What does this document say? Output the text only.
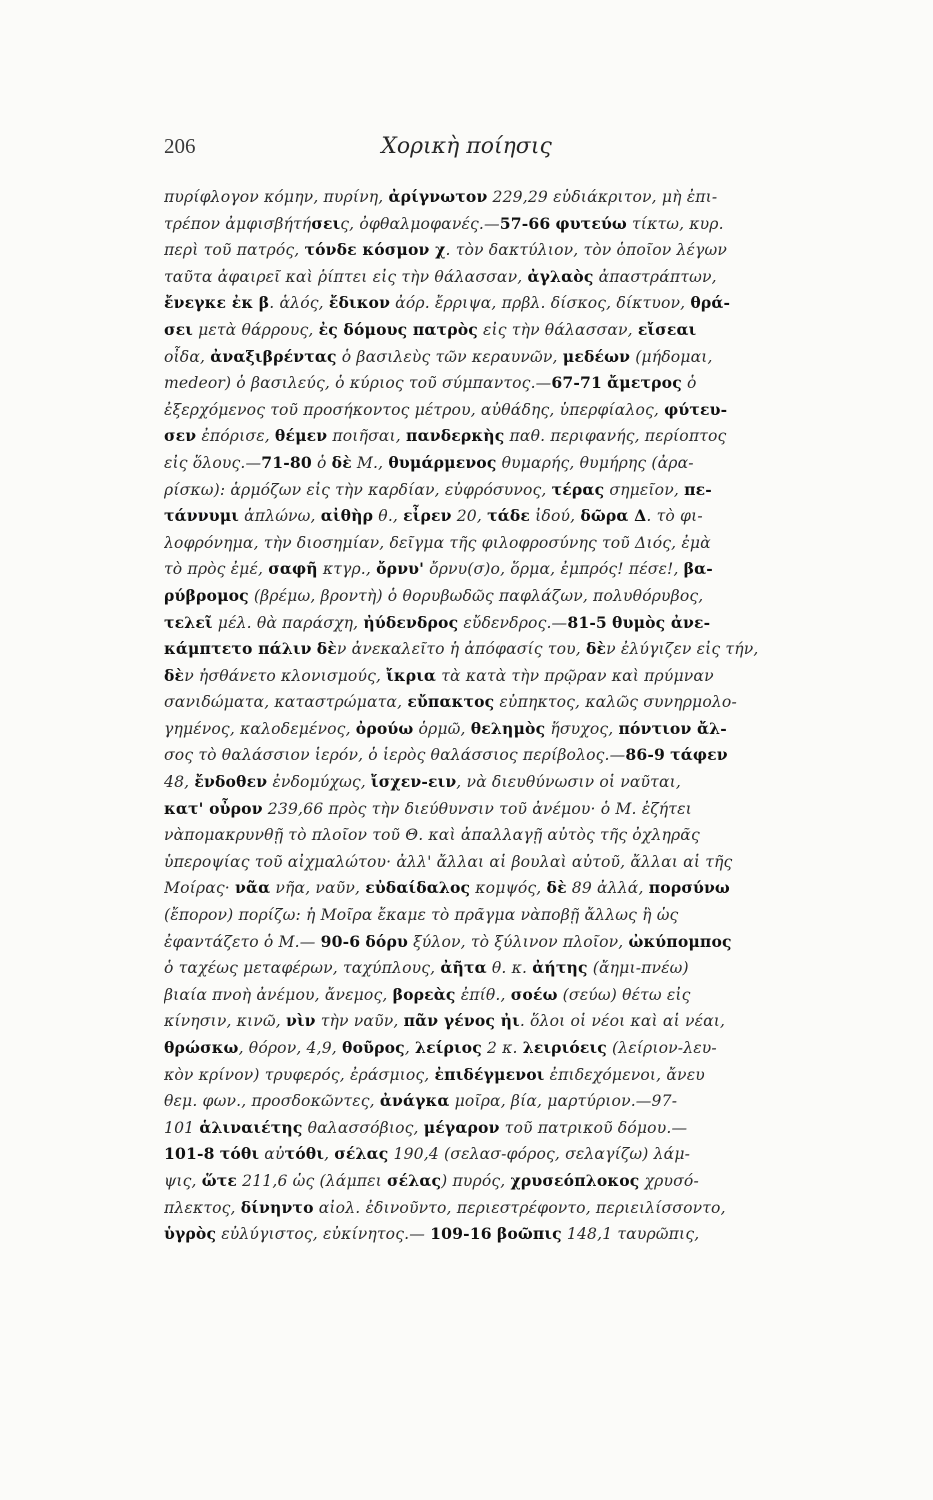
206	Χορικὴ ποίησις
πυρίφλογον κόμην, πυρίνη, ἀρίγνωτον 229,29 εὐδιάκριτον, μὴ ἐπι-
τρέπον ἀμφισβήτήσεις, ὀφθαλμοφανές.—57-66 φυτεύω τίκτω, κυρ.
περὶ τοῦ πατρός, τόνδε κόσμον χ. τὸν δακτύλιον, τὸν ὁποῖον λέγων
ταῦτα ἀφαιρεῖ καὶ ῥίπτει εἰς τὴν θάλασσαν, ἀγλαὸς ἀπαστράπτων,
ἔνεγκε ἐκ β. ἁλός, ἔδικον ἀόρ. ἔρριψα, πρβλ. δίσκος, δίκτυον, θρά-
σει μετὰ θάρρους, ἐς δόμους πατρὸς εἰς τὴν θάλασσαν, εἴσεαι
οἶδα, ἀναξιβρέντας ὁ βασιλεὺς τῶν κεραυνῶν, μεδέων (μήδομαι,
medeor) ὁ βασιλεύς, ὁ κύριος τοῦ σύμπαντος.—67-71 ἄμετρος ὁ
ἐξερχόμενος τοῦ προσήκοντος μέτρου, αὐθάδης, ὑπερφίαλος, φύτευ-
σεν ἐπόρισε, θέμεν ποιῆσαι, πανδερκὴς παθ. περιφανής, περίοπτος
εἰς ὅλους.—71-80 ὁ δὲ Μ., θυμάρμενος θυμαρής, θυμήρης (ἀρα-
ρίσκω): ἁρμόζων εἰς τὴν καρδίαν, εὐφρόσυνος, τέρας σημεῖον, πε-
τάννυμι ἁπλώνω, αἰθὴρ θ., εἶρεν 20, τάδε ἰδού, δῶρα Δ. τὸ φι-
λοφρόνημα, τὴν διοσημίαν, δεῖγμα τῆς φιλοφροσύνης τοῦ Διός, ἐμὰ
τὸ πρὸς ἐμέ, σαφῆ κτγρ., ὄρνυ' ὄρνυ(σ)ο, ὅρμα, ἐμπρός! πέσε!, βα-
ρύβρομος (βρέμω, βροντὴ) ὁ θορυβωδῶς παφλάζων, πολυθόρυβος,
τελεῖ μέλ. θὰ παράσχη, ἠύδενδρος εὔδενδρος.—81-5 θυμὸς ἀνε-
κάμπτετο πάλιν δὲν ἀνεκαλεῖτο ἡ ἀπόφασίς του, δὲν ἐλύγιζεν εἰς τήν,
δὲν ἠσθάνετο κλονισμούς, ἴκρια τὰ κατὰ τὴν πρῷραν καὶ πρύμναν
σανιδώματα, καταστρώματα, εὔπακτος εὐπηκτος, καλῶς συνηρμολο-
γημένος, καλοδεμένος, ὀρούω ὁρμῶ, θελημὸς ἥσυχος, πόντιον ἄλ-
σος τὸ θαλάσσιον ἱερόν, ὁ ἱερὸς θαλάσσιος περίβολος.—86-9 τάφεν
48, ἔνδοθεν ἐνδομύχως, ἴσχεν-ειν, νὰ διευθύνωσιν οἱ ναῦται,
κατ' οὖρον 239,66 πρὸς τὴν διεύθυνσιν τοῦ ἀνέμου· ὁ Μ. ἐζήτει
νὰπομακρυνθῇ τὸ πλοῖον τοῦ Θ. καὶ ἀπαλλαγῇ αὐτὸς τῆς ὀχληρᾶς
ὑπεροψίας τοῦ αἰχμαλώτου· ἀλλ' ἄλλαι αἱ βουλαὶ αὐτοῦ, ἄλλαι αἱ τῆς
Μοίρας· νᾶα νῆα, ναῦν, εὐδαίδαλος κομψός, δὲ 89 ἀλλά, πορσύνω
(ἔπορον) πορίζω: ἡ Μοῖρα ἔκαμε τὸ πρᾶγμα νὰποβῇ ἄλλως ἢ ὡς
ἐφαντάζετο ὁ Μ.— 90-6 δόρυ ξύλον, τὸ ξύλινον πλοῖον, ὠκύπομπος
ὁ ταχέως μεταφέρων, ταχύπλους, ἀῆτα θ. κ. ἀήτης (ἄημι-πνέω)
βιαία πνοὴ ἀνέμου, ἄνεμος, βορεὰς ἐπίθ., σοέω (σεύω) θέτω εἰς
κίνησιν, κινῶ, νὶν τὴν ναῦν, πᾶν γένος ἠι. ὅλοι οἱ νέοι καὶ αἱ νέαι,
θρώσκω, θόρον, 4,9, θοῦρος, λείριος 2 κ. λειριόεις (λείριον-λευ-
κὸν κρίνον) τρυφερός, ἐράσμιος, ἐπιδέγμενοι ἐπιδεχόμενοι, ἄνευ
θεμ. φων., προσδοκῶντες, ἀνάγκα μοῖρα, βία, μαρτύριον.—97-
101 ἁλιναιέτης θαλασσόβιος, μέγαρον τοῦ πατρικοῦ δόμου.—
101-8 τόθι αὐτόθι, σέλας 190,4 (σελασ-φόρος, σελαγίζω) λάμ-
ψις, ὥτε 211,6 ὡς (λάμπει σέλας) πυρός, χρυσεόπλοκος χρυσό-
πλεκτος, δίνηντο αἰολ. ἐδινοῦντο, περιεστρέφοντο, περιειλίσσοντο,
ὑγρὸς εὐλύγιστος, εὐκίνητος.— 109-16 βοῶπις 148,1 ταυρῶπις,
